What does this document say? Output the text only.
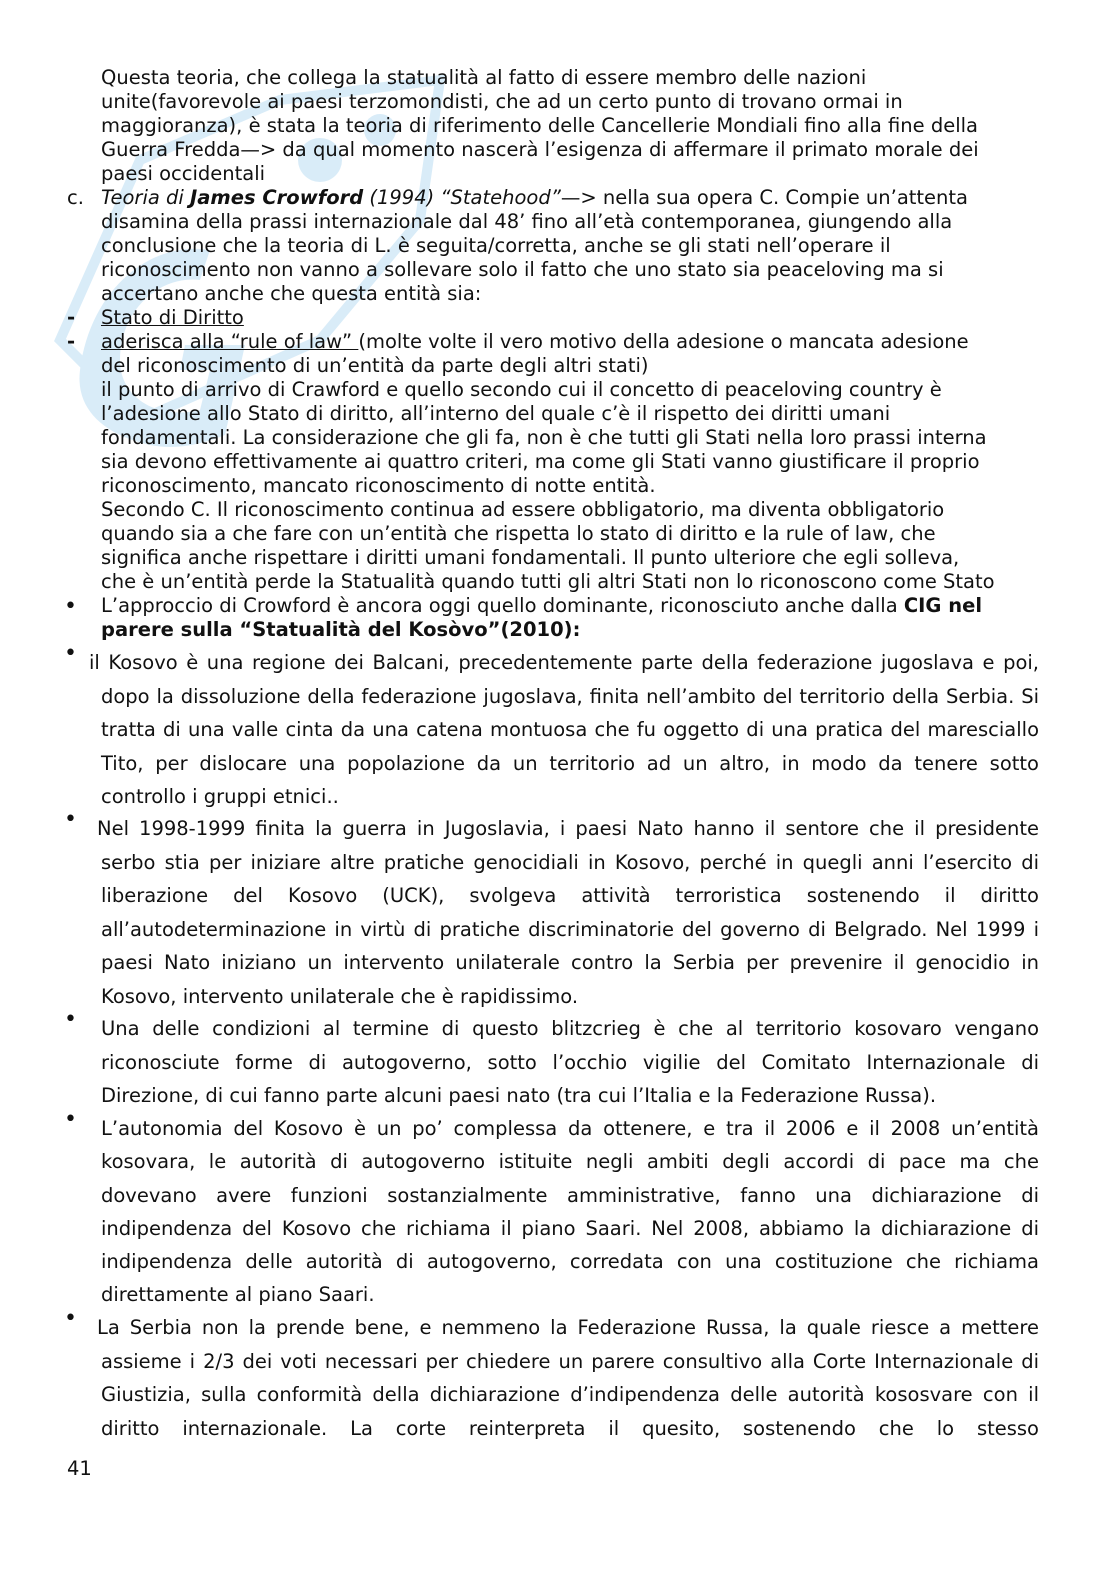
Questa teoria, che collega la statualità al fatto di essere membro delle nazioni
unite(favorevole ai paesi terzomondisti, che ad un certo punto di trovano ormai in
maggioranza), è stata la teoria di riferimento delle Cancellerie Mondiali fino alla fine della
Guerra Fredda—> da qual momento nascerà l’esigenza di affermare il primato morale dei
paesi occidentali
c. Teoria di James Crowford (1994) “Statehood”—> nella sua opera C. Compie un’attenta
disamina della prassi internazionale dal 48’ fino all’età contemporanea, giungendo alla
conclusione che la teoria di L. è seguita/corretta, anche se gli stati nell’operare il
riconoscimento non vanno a sollevare solo il fatto che uno stato sia peaceloving ma si
accertano anche che questa entità sia:
- Stato di Diritto
- aderisca alla “rule of law” (molte volte il vero motivo della adesione o mancata adesione
del riconoscimento di un’entità da parte degli altri stati)
il punto di arrivo di Crawford e quello secondo cui il concetto di peaceloving country è
l’adesione allo Stato di diritto, all’interno del quale c’è il rispetto dei diritti umani
fondamentali. La considerazione che gli fa, non è che tutti gli Stati nella loro prassi interna
sia devono effettivamente ai quattro criteri, ma come gli Stati vanno giustificare il proprio
riconoscimento, mancato riconoscimento di notte entità.
Secondo C. Il riconoscimento continua ad essere obbligatorio, ma diventa obbligatorio
quando sia a che fare con un’entità che rispetta lo stato di diritto e la rule of law, che
significa anche rispettare i diritti umani fondamentali. Il punto ulteriore che egli solleva,
che è un’entità perde la Statualità quando tutti gli altri Stati non lo riconoscono come Stato
• L’approccio di Crowford è ancora oggi quello dominante, riconosciuto anche dalla CIG nel
parere sulla “Statualità del Kosòvo”(2010):
• il Kosovo è una regione dei Balcani, precedentemente parte della federazione jugoslava e poi, dopo la dissoluzione della federazione jugoslava, finita nell’ambito del territorio della Serbia. Si tratta di una valle cinta da una catena montuosa che fu oggetto di una pratica del maresciallo Tito, per dislocare una popolazione da un territorio ad un altro, in modo da tenere sotto controllo i gruppi etnici..
• Nel 1998-1999 finita la guerra in Jugoslavia, i paesi Nato hanno il sentore che il presidente serbo stia per iniziare altre pratiche genocidiali in Kosovo, perché in quegli anni l’esercito di liberazione del Kosovo (UCK), svolgeva attività terroristica sostenendo il diritto all’autodeterminazione in virtù di pratiche discriminatorie del governo di Belgrado. Nel 1999 i paesi Nato iniziano un intervento unilaterale contro la Serbia per prevenire il genocidio in Kosovo, intervento unilaterale che è rapidissimo.
• Una delle condizioni al termine di questo blitzcrieg è che al territorio kosovaro vengano riconosciute forme di autogoverno, sotto l’occhio vigilie del Comitato Internazionale di Direzione, di cui fanno parte alcuni paesi nato (tra cui l’Italia e la Federazione Russa).
• L’autonomia del Kosovo è un po’ complessa da ottenere, e tra il 2006 e il 2008 un’entità kosovara, le autorità di autogoverno istituite negli ambiti degli accordi di pace ma che dovevano avere funzioni sostanzialmente amministrative, fanno una dichiarazione di indipendenza del Kosovo che richiama il piano Saari. Nel 2008, abbiamo la dichiarazione di indipendenza delle autorità di autogoverno, corredata con una costituzione che richiama direttamente al piano Saari.
• La Serbia non la prende bene, e nemmeno la Federazione Russa, la quale riesce a mettere assieme i 2/3 dei voti necessari per chiedere un parere consultivo alla Corte Internazionale di Giustizia, sulla conformità della dichiarazione d’indipendenza delle autorità kososvare con il diritto internazionale. La corte reinterpreta il quesito, sostenendo che lo stesso
41
